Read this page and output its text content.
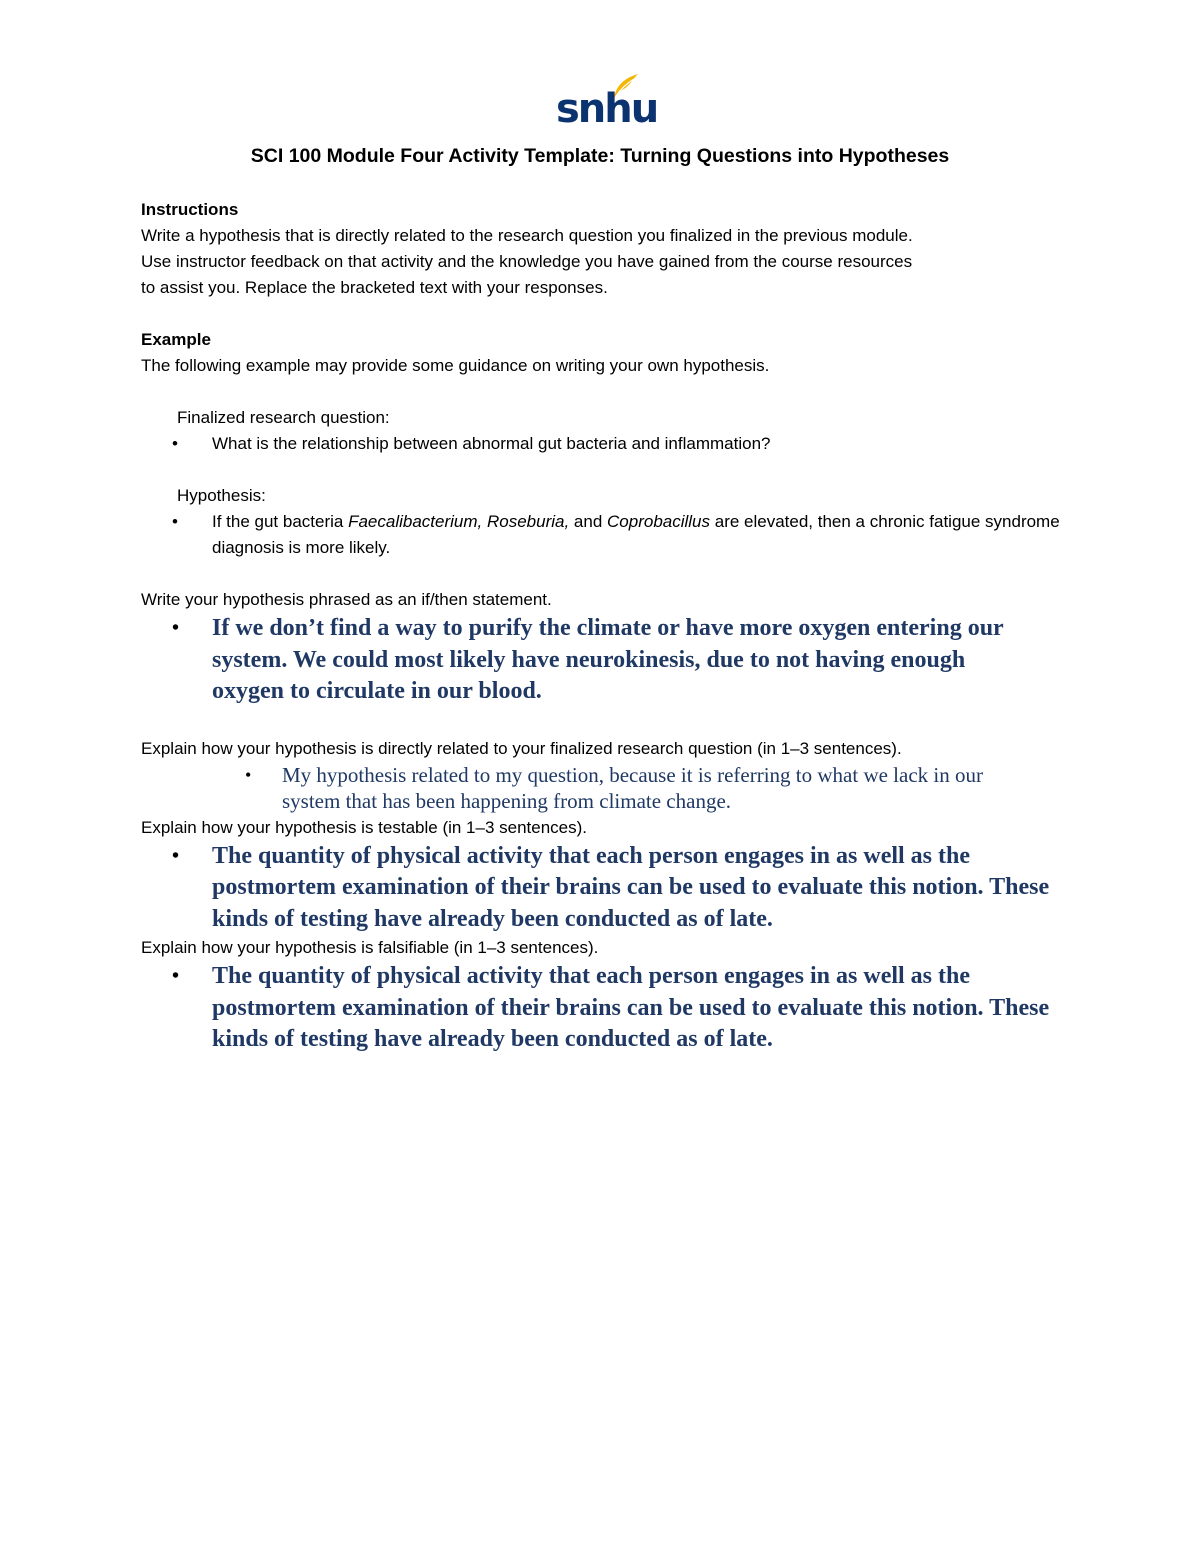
snhu
SCI 100 Module Four Activity Template: Turning Questions into Hypotheses

Instructions

Write a hypothesis that is directly related to the research question you finalized in the previous module.

Use instructor feedback on that activity and the knowledge you have gained from the course resources

to assist you. Replace the bracketed text with your responses.

Example

The following example may provide some guidance on writing your own hypothesis.

Finalized research question:

• What is the relationship between abnormal gut bacteria and inflammation?

Hypothesis:

• If the gut bacteria Faecalibacterium, Roseburia, and Coprobacillus are elevated, then a chronic fatigue syndrome diagnosis is more likely.

Write your hypothesis phrased as an if/then statement.

• If we don’t find a way to purify the climate or have more oxygen entering our system. We could most likely have neurokinesis, due to not having enough oxygen to circulate in our blood.

Explain how your hypothesis is directly related to your finalized research question (in 1–3 sentences).

• My hypothesis related to my question, because it is referring to what we lack in our system that has been happening from climate change.

Explain how your hypothesis is testable (in 1–3 sentences).

• The quantity of physical activity that each person engages in as well as the postmortem examination of their brains can be used to evaluate this notion. These kinds of testing have already been conducted as of late.

Explain how your hypothesis is falsifiable (in 1–3 sentences).

• The quantity of physical activity that each person engages in as well as the postmortem examination of their brains can be used to evaluate this notion. These kinds of testing have already been conducted as of late.
